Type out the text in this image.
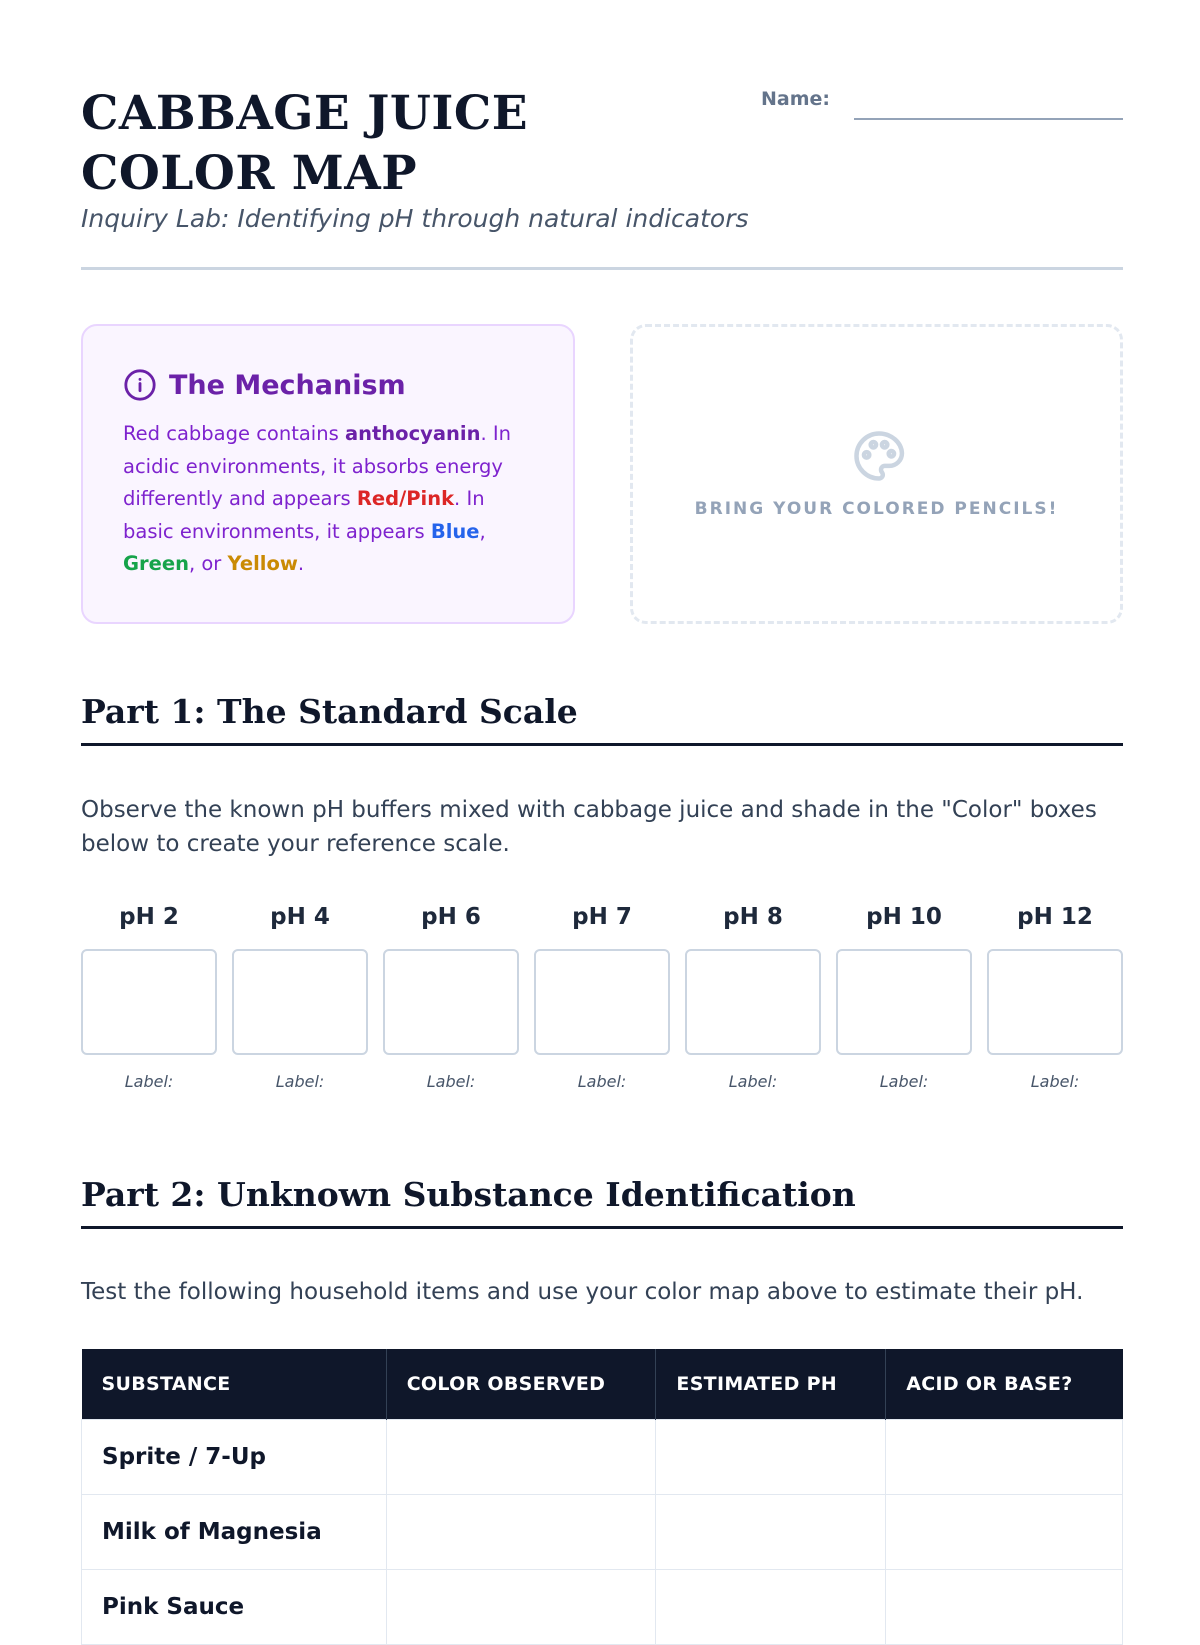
CABBAGE JUICE COLOR MAP
Inquiry Lab: Identifying pH through natural indicators
Name:
The Mechanism

Red cabbage contains anthocyanin. In acidic environments, it absorbs energy differently and appears Red/Pink. In basic environments, it appears Blue, Green, or Yellow.

BRING YOUR COLORED PENCILS!
Part 1: The Standard Scale

Observe the known pH buffers mixed with cabbage juice and shade in the "Color" boxes below to create your reference scale.

pH 2
Label:
pH 4
Label:
pH 6
Label:
pH 7
Label:
pH 8
Label:
pH 10
Label:
pH 12
Label:
Part 2: Unknown Substance Identification

Test the following household items and use your color map above to estimate their pH.

SUBSTANCE	COLOR OBSERVED	ESTIMATED PH	ACID OR BASE?
Sprite / 7-Up			
Milk of Magnesia			
Pink Sauce			
